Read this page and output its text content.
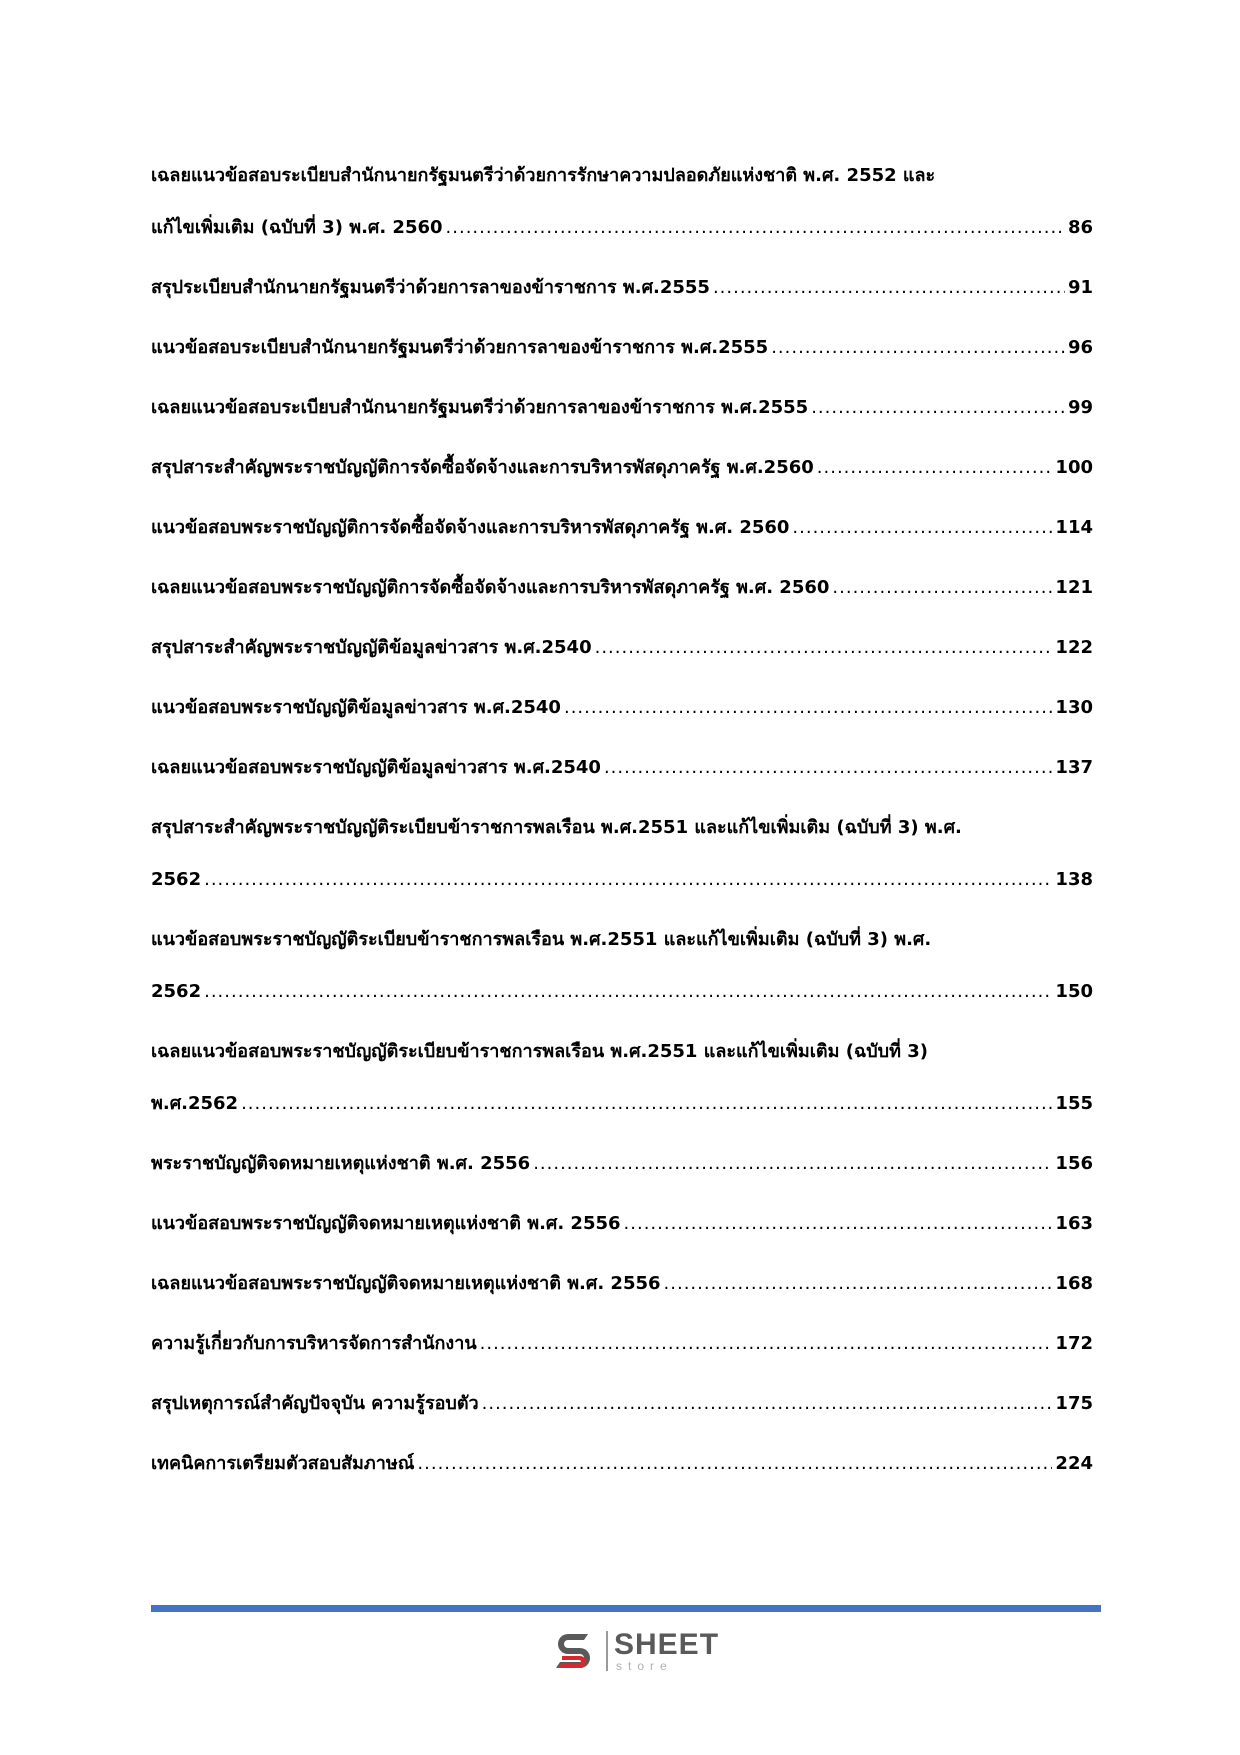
เฉลยแนวข้อสอบระเบียบสำนักนายกรัฐมนตรีว่าด้วยการรักษาความปลอดภัยแห่งชาติ พ.ศ. 2552 และ
แก้ไขเพิ่มเติม (ฉบับที่ 3) พ.ศ. 2560 .....	86
สรุประเบียบสำนักนายกรัฐมนตรีว่าด้วยการลาของข้าราชการ พ.ศ.2555 .....	91
แนวข้อสอบระเบียบสำนักนายกรัฐมนตรีว่าด้วยการลาของข้าราชการ พ.ศ.2555 .....	96
เฉลยแนวข้อสอบระเบียบสำนักนายกรัฐมนตรีว่าด้วยการลาของข้าราชการ พ.ศ.2555 .....	99
สรุปสาระสำคัญพระราชบัญญัติการจัดซื้อจัดจ้างและการบริหารพัสดุภาครัฐ พ.ศ.2560 .....	100
แนวข้อสอบพระราชบัญญัติการจัดซื้อจัดจ้างและการบริหารพัสดุภาครัฐ พ.ศ. 2560 .....	114
เฉลยแนวข้อสอบพระราชบัญญัติการจัดซื้อจัดจ้างและการบริหารพัสดุภาครัฐ พ.ศ. 2560 .....	121
สรุปสาระสำคัญพระราชบัญญัติข้อมูลข่าวสาร พ.ศ.2540 .....	122
แนวข้อสอบพระราชบัญญัติข้อมูลข่าวสาร พ.ศ.2540 .....	130
เฉลยแนวข้อสอบพระราชบัญญัติข้อมูลข่าวสาร พ.ศ.2540 .....	137
สรุปสาระสำคัญพระราชบัญญัติระเบียบข้าราชการพลเรือน พ.ศ.2551 และแก้ไขเพิ่มเติม (ฉบับที่ 3) พ.ศ.
2562 .....	138
แนวข้อสอบพระราชบัญญัติระเบียบข้าราชการพลเรือน พ.ศ.2551 และแก้ไขเพิ่มเติม (ฉบับที่ 3) พ.ศ.
2562 .....	150
เฉลยแนวข้อสอบพระราชบัญญัติระเบียบข้าราชการพลเรือน พ.ศ.2551 และแก้ไขเพิ่มเติม (ฉบับที่ 3)
พ.ศ.2562 .....	155
พระราชบัญญัติจดหมายเหตุแห่งชาติ พ.ศ. 2556 .....	156
แนวข้อสอบพระราชบัญญัติจดหมายเหตุแห่งชาติ พ.ศ. 2556 .....	163
เฉลยแนวข้อสอบพระราชบัญญัติจดหมายเหตุแห่งชาติ พ.ศ. 2556 .....	168
ความรู้เกี่ยวกับการบริหารจัดการสำนักงาน .....	172
สรุปเหตุการณ์สำคัญปัจจุบัน ความรู้รอบตัว .....	175
เทคนิคการเตรียมตัวสอบสัมภาษณ์ .....	224
SHEET
store
